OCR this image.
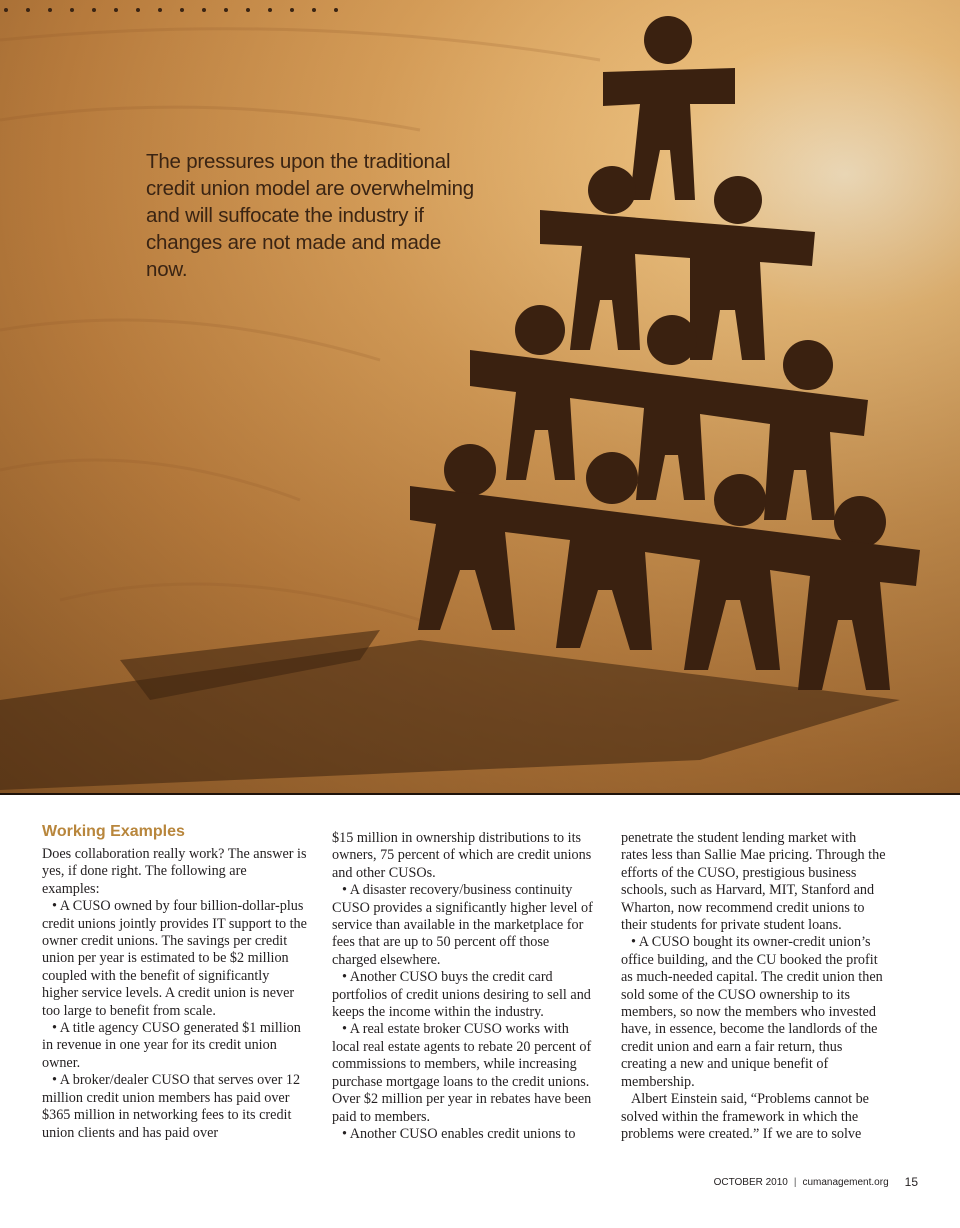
The pressures upon the traditional credit union model are overwhelming and will suffocate the industry if changes are not made and made now.
Working Examples

Does collaboration really work? The answer is yes, if done right. The following are examples:

• A CUSO owned by four billion-dollar-plus credit unions jointly provides IT support to the owner credit unions. The savings per credit union per year is estimated to be $2 million coupled with the benefit of significantly higher service levels. A credit union is never too large to benefit from scale.

• A title agency CUSO generated $1 million in revenue in one year for its credit union owner.

• A broker/dealer CUSO that serves over 12 million credit union members has paid over $365 million in networking fees to its credit union clients and has paid over

$15 million in ownership distributions to its owners, 75 percent of which are credit unions and other CUSOs.

• A disaster recovery/business continuity CUSO provides a significantly higher level of service than available in the marketplace for fees that are up to 50 percent off those charged elsewhere.

• Another CUSO buys the credit card portfolios of credit unions desiring to sell and keeps the income within the industry.

• A real estate broker CUSO works with local real estate agents to rebate 20 percent of commissions to members, while increasing purchase mortgage loans to the credit unions. Over $2 million per year in rebates have been paid to members.

• Another CUSO enables credit unions to

penetrate the student lending market with rates less than Sallie Mae pricing. Through the efforts of the CUSO, prestigious business schools, such as Harvard, MIT, Stanford and Wharton, now recommend credit unions to their students for private student loans.

• A CUSO bought its owner-credit union’s office building, and the CU booked the profit as much-needed capital. The credit union then sold some of the CUSO ownership to its members, so now the members who invested have, in essence, become the landlords of the credit union and earn a fair return, thus creating a new and unique benefit of membership.

Albert Einstein said, “Problems cannot be solved within the framework in which the problems were created.” If we are to solve

OCTOBER 2010 | cumanagement.org 15
